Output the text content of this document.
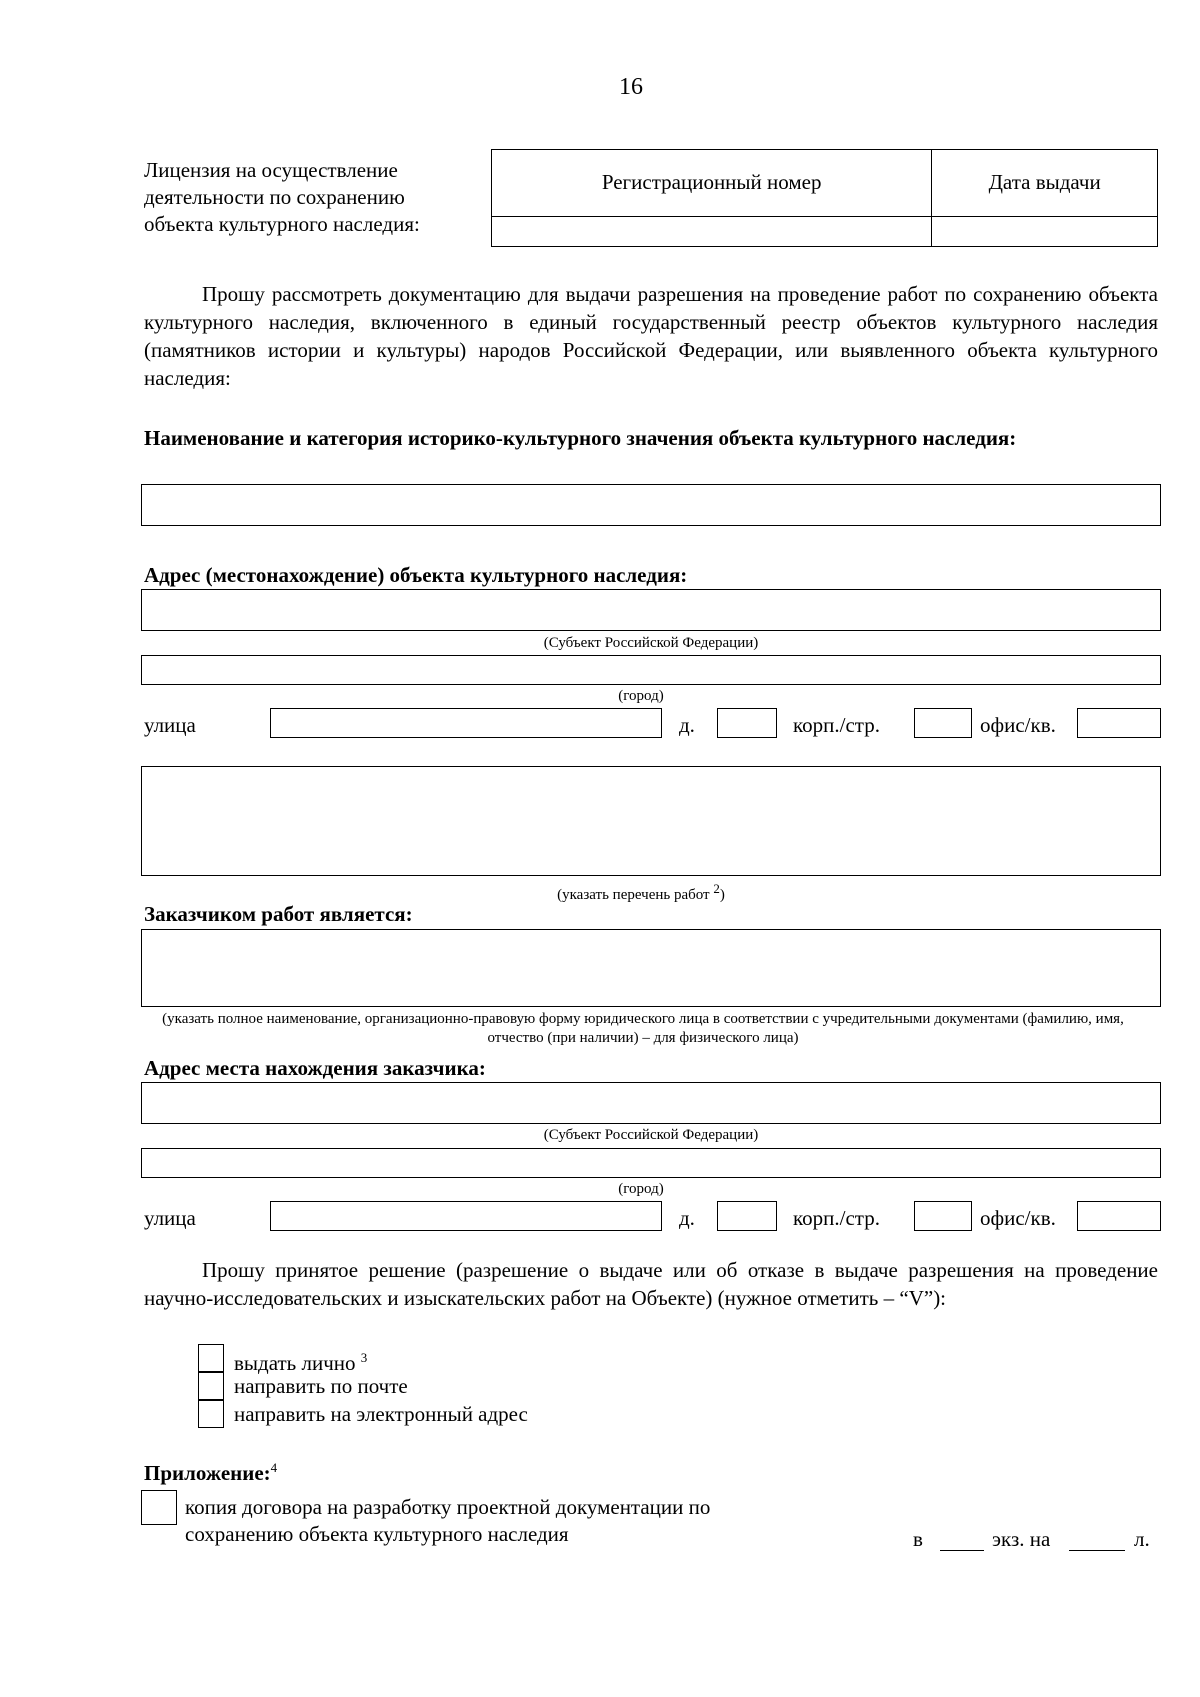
16
Лицензия на осуществление деятельности по сохранению объекта культурного наследия:
Регистрационный номер	Дата выдачи

Прошу рассмотреть документацию для выдачи разрешения на проведение работ по сохранению объекта культурного наследия, включенного в единый государственный реестр объектов культурного наследия (памятников истории и культуры) народов Российской Федерации, или выявленного объекта культурного наследия:
Наименование и категория историко-культурного значения объекта культурного наследия:
Адрес (местонахождение) объекта культурного наследия:
(Субъект Российской Федерации)
(город)
улица	д.	корп./стр.	офис/кв.
(указать перечень работ $^2$)
Заказчиком работ является:
(указать полное наименование, организационно-правовую форму юридического лица в соответствии с учредительными документами (фамилию, имя, отчество (при наличии) – для физического лица)
Адрес места нахождения заказчика:
(Субъект Российской Федерации)
(город)
улица	д.	корп./стр.	офис/кв.
Прошу принятое решение (разрешение о выдаче или об отказе в выдаче разрешения на проведение научно-исследовательских и изыскательских работ на Объекте) (нужное отметить – “V”):
выдать лично $^3$
направить по почте
направить на электронный адрес
Приложение:$^4$
копия договора на разработку проектной документации по
сохранению объекта культурного наследия	в	экз. на	л.
